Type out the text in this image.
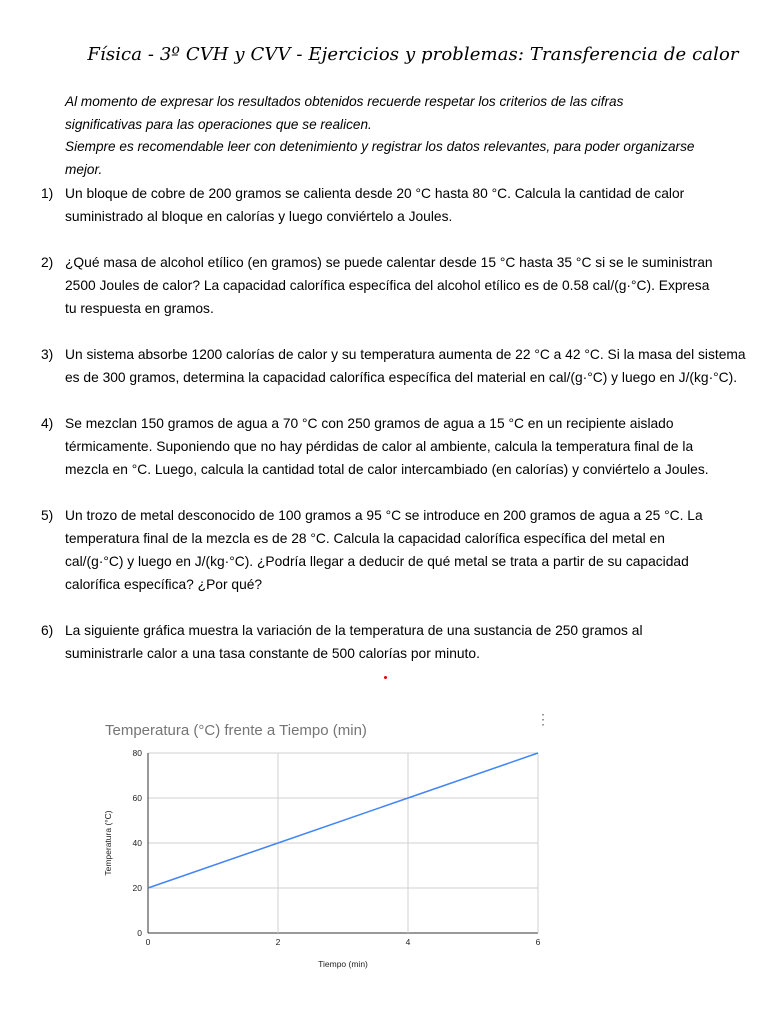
Física - 3º CVH y CVV - Ejercicios y problemas: Transferencia de calor

Al momento de expresar los resultados obtenidos recuerde respetar los criterios de las cifras
significativas para las operaciones que se realicen.

Siempre es recomendable leer con detenimiento y registrar los datos relevantes, para poder organizarse
mejor.

1) Un bloque de cobre de 200 gramos se calienta desde 20 °C hasta 80 °C. Calcula la cantidad de calor
suministrado al bloque en calorías y luego conviértelo a Joules.
2) ¿Qué masa de alcohol etílico (en gramos) se puede calentar desde 15 °C hasta 35 °C si se le suministran
2500 Joules de calor? La capacidad calorífica específica del alcohol etílico es de 0.58 cal/(g·°C). Expresa
tu respuesta en gramos.
3) Un sistema absorbe 1200 calorías de calor y su temperatura aumenta de 22 °C a 42 °C. Si la masa del sistema
es de 300 gramos, determina la capacidad calorífica específica del material en cal/(g·°C) y luego en J/(kg·°C).
4) Se mezclan 150 gramos de agua a 70 °C con 250 gramos de agua a 15 °C en un recipiente aislado
térmicamente. Suponiendo que no hay pérdidas de calor al ambiente, calcula la temperatura final de la
mezcla en °C. Luego, calcula la cantidad total de calor intercambiado (en calorías) y conviértelo a Joules.
5) Un trozo de metal desconocido de 100 gramos a 95 °C se introduce en 200 gramos de agua a 25 °C. La
temperatura final de la mezcla es de 28 °C. Calcula la capacidad calorífica específica del metal en
cal/(g·°C) y luego en J/(kg·°C). ¿Podría llegar a deducir de qué metal se trata a partir de su capacidad
calorífica específica? ¿Por qué?
6) La siguiente gráfica muestra la variación de la temperatura de una sustancia de 250 gramos al
suministrarle calor a una tasa constante de 500 calorías por minuto.
Temperatura (°C) frente a Tiempo (min)
⋮
0
20
40
60
80
0	2	4	6
Tiempo (min)
Temperatura (°C)
